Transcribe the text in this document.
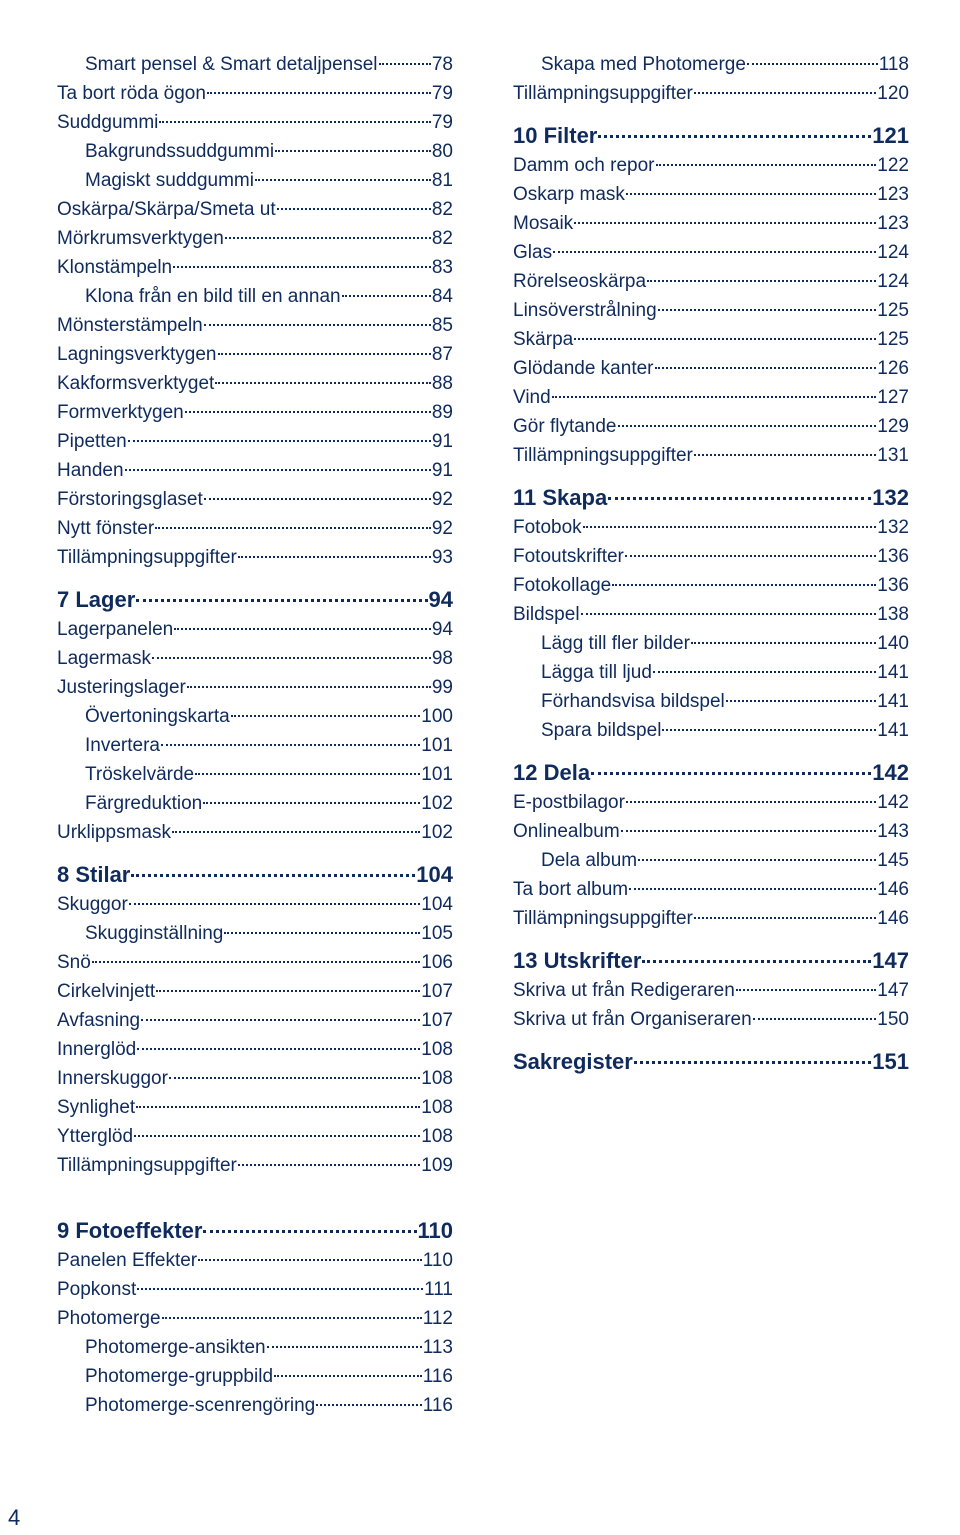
Smart pensel & Smart detaljpensel	78
Ta bort röda ögon	79
Suddgummi	79
Bakgrundssuddgummi	80
Magiskt suddgummi	81
Oskärpa/Skärpa/Smeta ut	82
Mörkrumsverktygen	82
Klonstämpeln	83
Klona från en bild till en annan	84
Mönsterstämpeln	85
Lagningsverktygen	87
Kakformsverktyget	88
Formverktygen	89
Pipetten	91
Handen	91
Förstoringsglaset	92
Nytt fönster	92
Tillämpningsuppgifter	93
7 Lager	94
Lagerpanelen	94
Lagermask	98
Justeringslager	99
Övertoningskarta	100
Invertera	101
Tröskelvärde	101
Färgreduktion	102
Urklippsmask	102
8 Stilar	104
Skuggor	104
Skugginställning	105
Snö	106
Cirkelvinjett	107
Avfasning	107
Innerglöd	108
Innerskuggor	108
Synlighet	108
Ytterglöd	108
Tillämpningsuppgifter	109
9 Fotoeffekter	110
Panelen Effekter	110
Popkonst	111
Photomerge	112
Photomerge-ansikten	113
Photomerge-gruppbild	116
Photomerge-scenrengöring	116
Skapa med Photomerge	118
Tillämpningsuppgifter	120
10 Filter	121
Damm och repor	122
Oskarp mask	123
Mosaik	123
Glas	124
Rörelseoskärpa	124
Linsöverstrålning	125
Skärpa	125
Glödande kanter	126
Vind	127
Gör flytande	129
Tillämpningsuppgifter	131
11 Skapa	132
Fotobok	132
Fotoutskrifter	136
Fotokollage	136
Bildspel	138
Lägg till fler bilder	140
Lägga till ljud	141
Förhandsvisa bildspel	141
Spara bildspel	141
12 Dela	142
E-postbilagor	142
Onlinealbum	143
Dela album	145
Ta bort album	146
Tillämpningsuppgifter	146
13 Utskrifter	147
Skriva ut från Redigeraren	147
Skriva ut från Organiseraren	150
Sakregister	151
4
